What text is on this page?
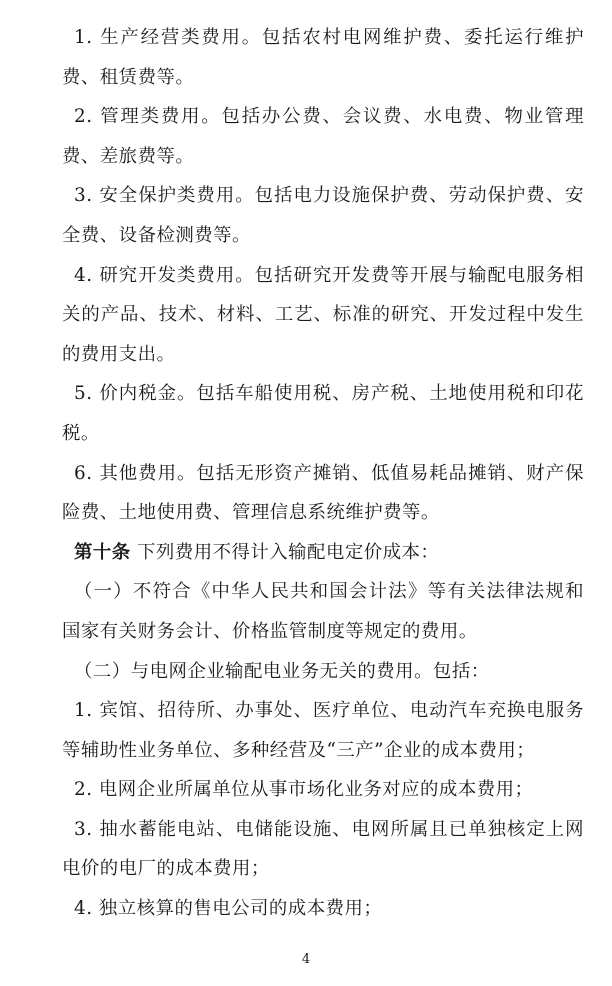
1. 生产经营类费用。包括农村电网维护费、委托运行维护费、租赁费等。

2. 管理类费用。包括办公费、会议费、水电费、物业管理费、差旅费等。

3. 安全保护类费用。包括电力设施保护费、劳动保护费、安全费、设备检测费等。

4. 研究开发类费用。包括研究开发费等开展与输配电服务相关的产品、技术、材料、工艺、标准的研究、开发过程中发生的费用支出。

5. 价内税金。包括车船使用税、房产税、土地使用税和印花税。

6. 其他费用。包括无形资产摊销、低值易耗品摊销、财产保险费、土地使用费、管理信息系统维护费等。

第十条 下列费用不得计入输配电定价成本：

（一）不符合《中华人民共和国会计法》等有关法律法规和国家有关财务会计、价格监管制度等规定的费用。

（二）与电网企业输配电业务无关的费用。包括：

1. 宾馆、招待所、办事处、医疗单位、电动汽车充换电服务等辅助性业务单位、多种经营及“三产”企业的成本费用；

2. 电网企业所属单位从事市场化业务对应的成本费用；

3. 抽水蓄能电站、电储能设施、电网所属且已单独核定上网电价的电厂的成本费用；

4. 独立核算的售电公司的成本费用；

4
